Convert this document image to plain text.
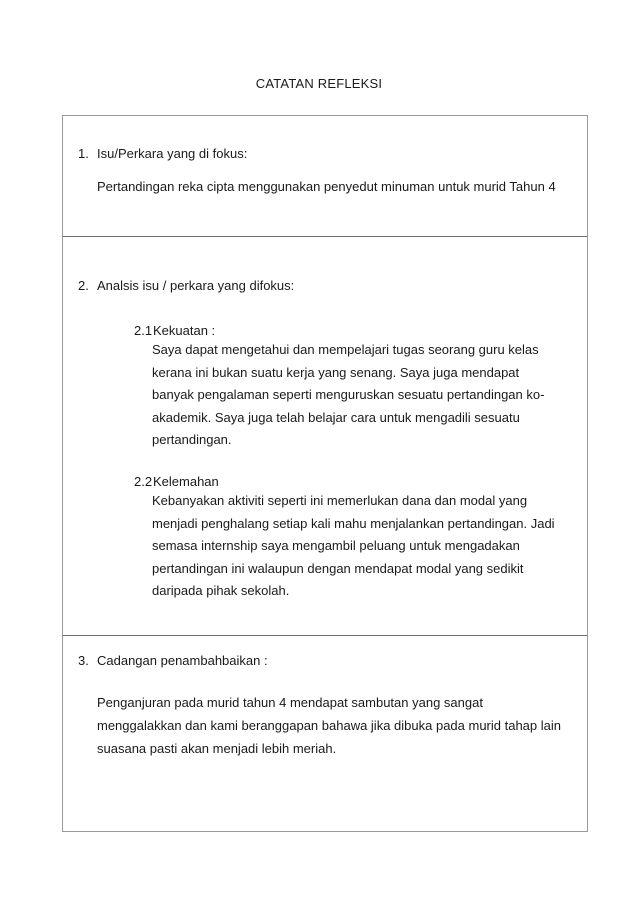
CATATAN REFLEKSI
1. Isu/Perkara yang di fokus:
Pertandingan reka cipta menggunakan penyedut minuman untuk murid Tahun 4
2. Analsis isu / perkara yang difokus:
2.1Kekuatan :
Saya dapat mengetahui dan mempelajari tugas seorang guru kelas
kerana ini bukan suatu kerja yang senang. Saya juga mendapat
banyak pengalaman seperti menguruskan sesuatu pertandingan ko-
akademik. Saya juga telah belajar cara untuk mengadili sesuatu
pertandingan.
2.2Kelemahan
Kebanyakan aktiviti seperti ini memerlukan dana dan modal yang
menjadi penghalang setiap kali mahu menjalankan pertandingan. Jadi
semasa internship saya mengambil peluang untuk mengadakan
pertandingan ini walaupun dengan mendapat modal yang sedikit
daripada pihak sekolah.
3. Cadangan penambahbaikan :
Penganjuran pada murid tahun 4 mendapat sambutan yang sangat
menggalakkan dan kami beranggapan bahawa jika dibuka pada murid tahap lain
suasana pasti akan menjadi lebih meriah.
